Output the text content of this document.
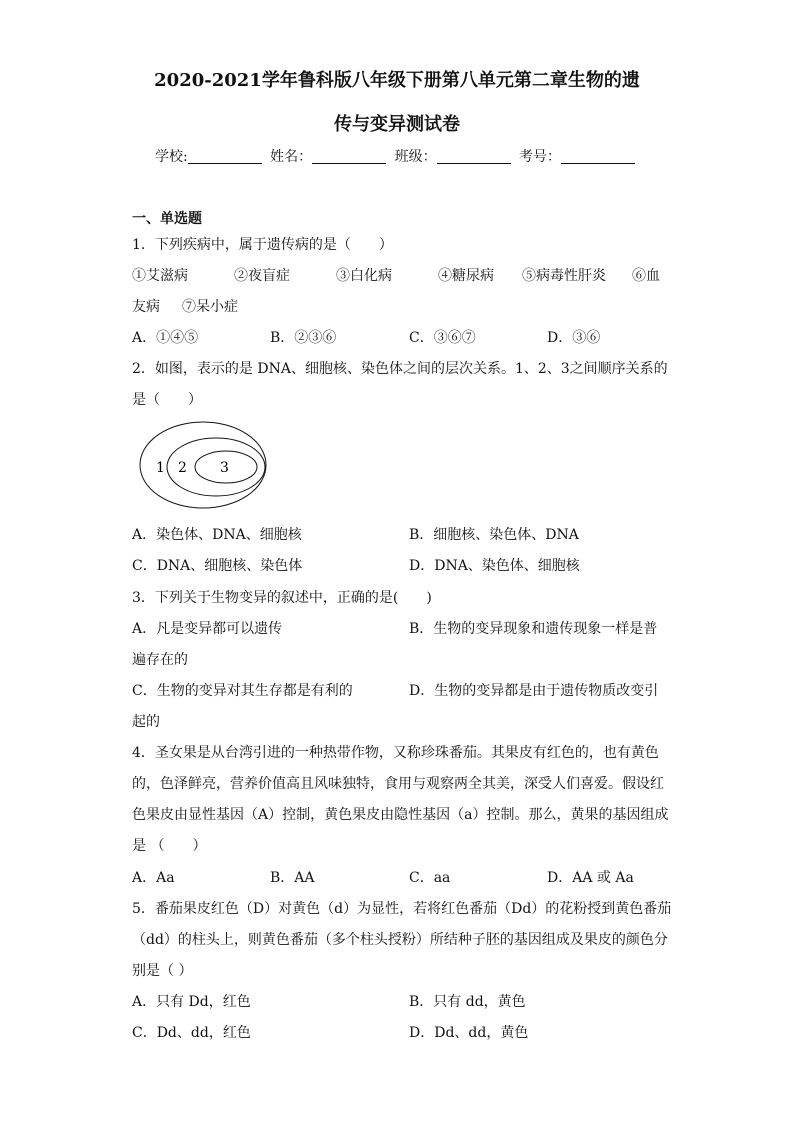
2020-2021学年鲁科版八年级下册第八单元第二章生物的遗
传与变异测试卷
学校:	姓名：	班级：	考号：
一、单选题
1．下列疾病中，属于遗传病的是（　　）
①艾滋病	②夜盲症	③白化病	④糖尿病 ⑤病毒性肝炎 ⑥血
友病 ⑦呆小症
A．①④⑤	B．②③⑥	C．③⑥⑦	D．③⑥
2．如图，表示的是 DNA、细胞核、染色体之间的层次关系。1、2、3之间顺序关系的
是（　　）
1 2 3
A．染色体、DNA、细胞核	B．细胞核、染色体、DNA
C．DNA、细胞核、染色体	D．DNA、染色体、细胞核
3．下列关于生物变异的叙述中，正确的是(　　)
A．凡是变异都可以遗传	B．生物的变异现象和遗传现象一样是普
遍存在的
C．生物的变异对其生存都是有利的	D．生物的变异都是由于遗传物质改变引
起的
4．圣女果是从台湾引进的一种热带作物，又称珍珠番茄。其果皮有红色的，也有黄色
的，色泽鲜亮，营养价值高且风味独特，食用与观察两全其美，深受人们喜爱。假设红
色果皮由显性基因（A）控制，黄色果皮由隐性基因（a）控制。那么，黄果的基因组成
是 （　　）
A．Aa	B．AA	C．aa	D．AA 或 Aa
5．番茄果皮红色（D）对黄色（d）为显性，若将红色番茄（Dd）的花粉授到黄色番茄
（dd）的柱头上，则黄色番茄（多个柱头授粉）所结种子胚的基因组成及果皮的颜色分
别是（ ）
A．只有 Dd，红色	B．只有 dd，黄色
C．Dd、dd，红色	D．Dd、dd，黄色
